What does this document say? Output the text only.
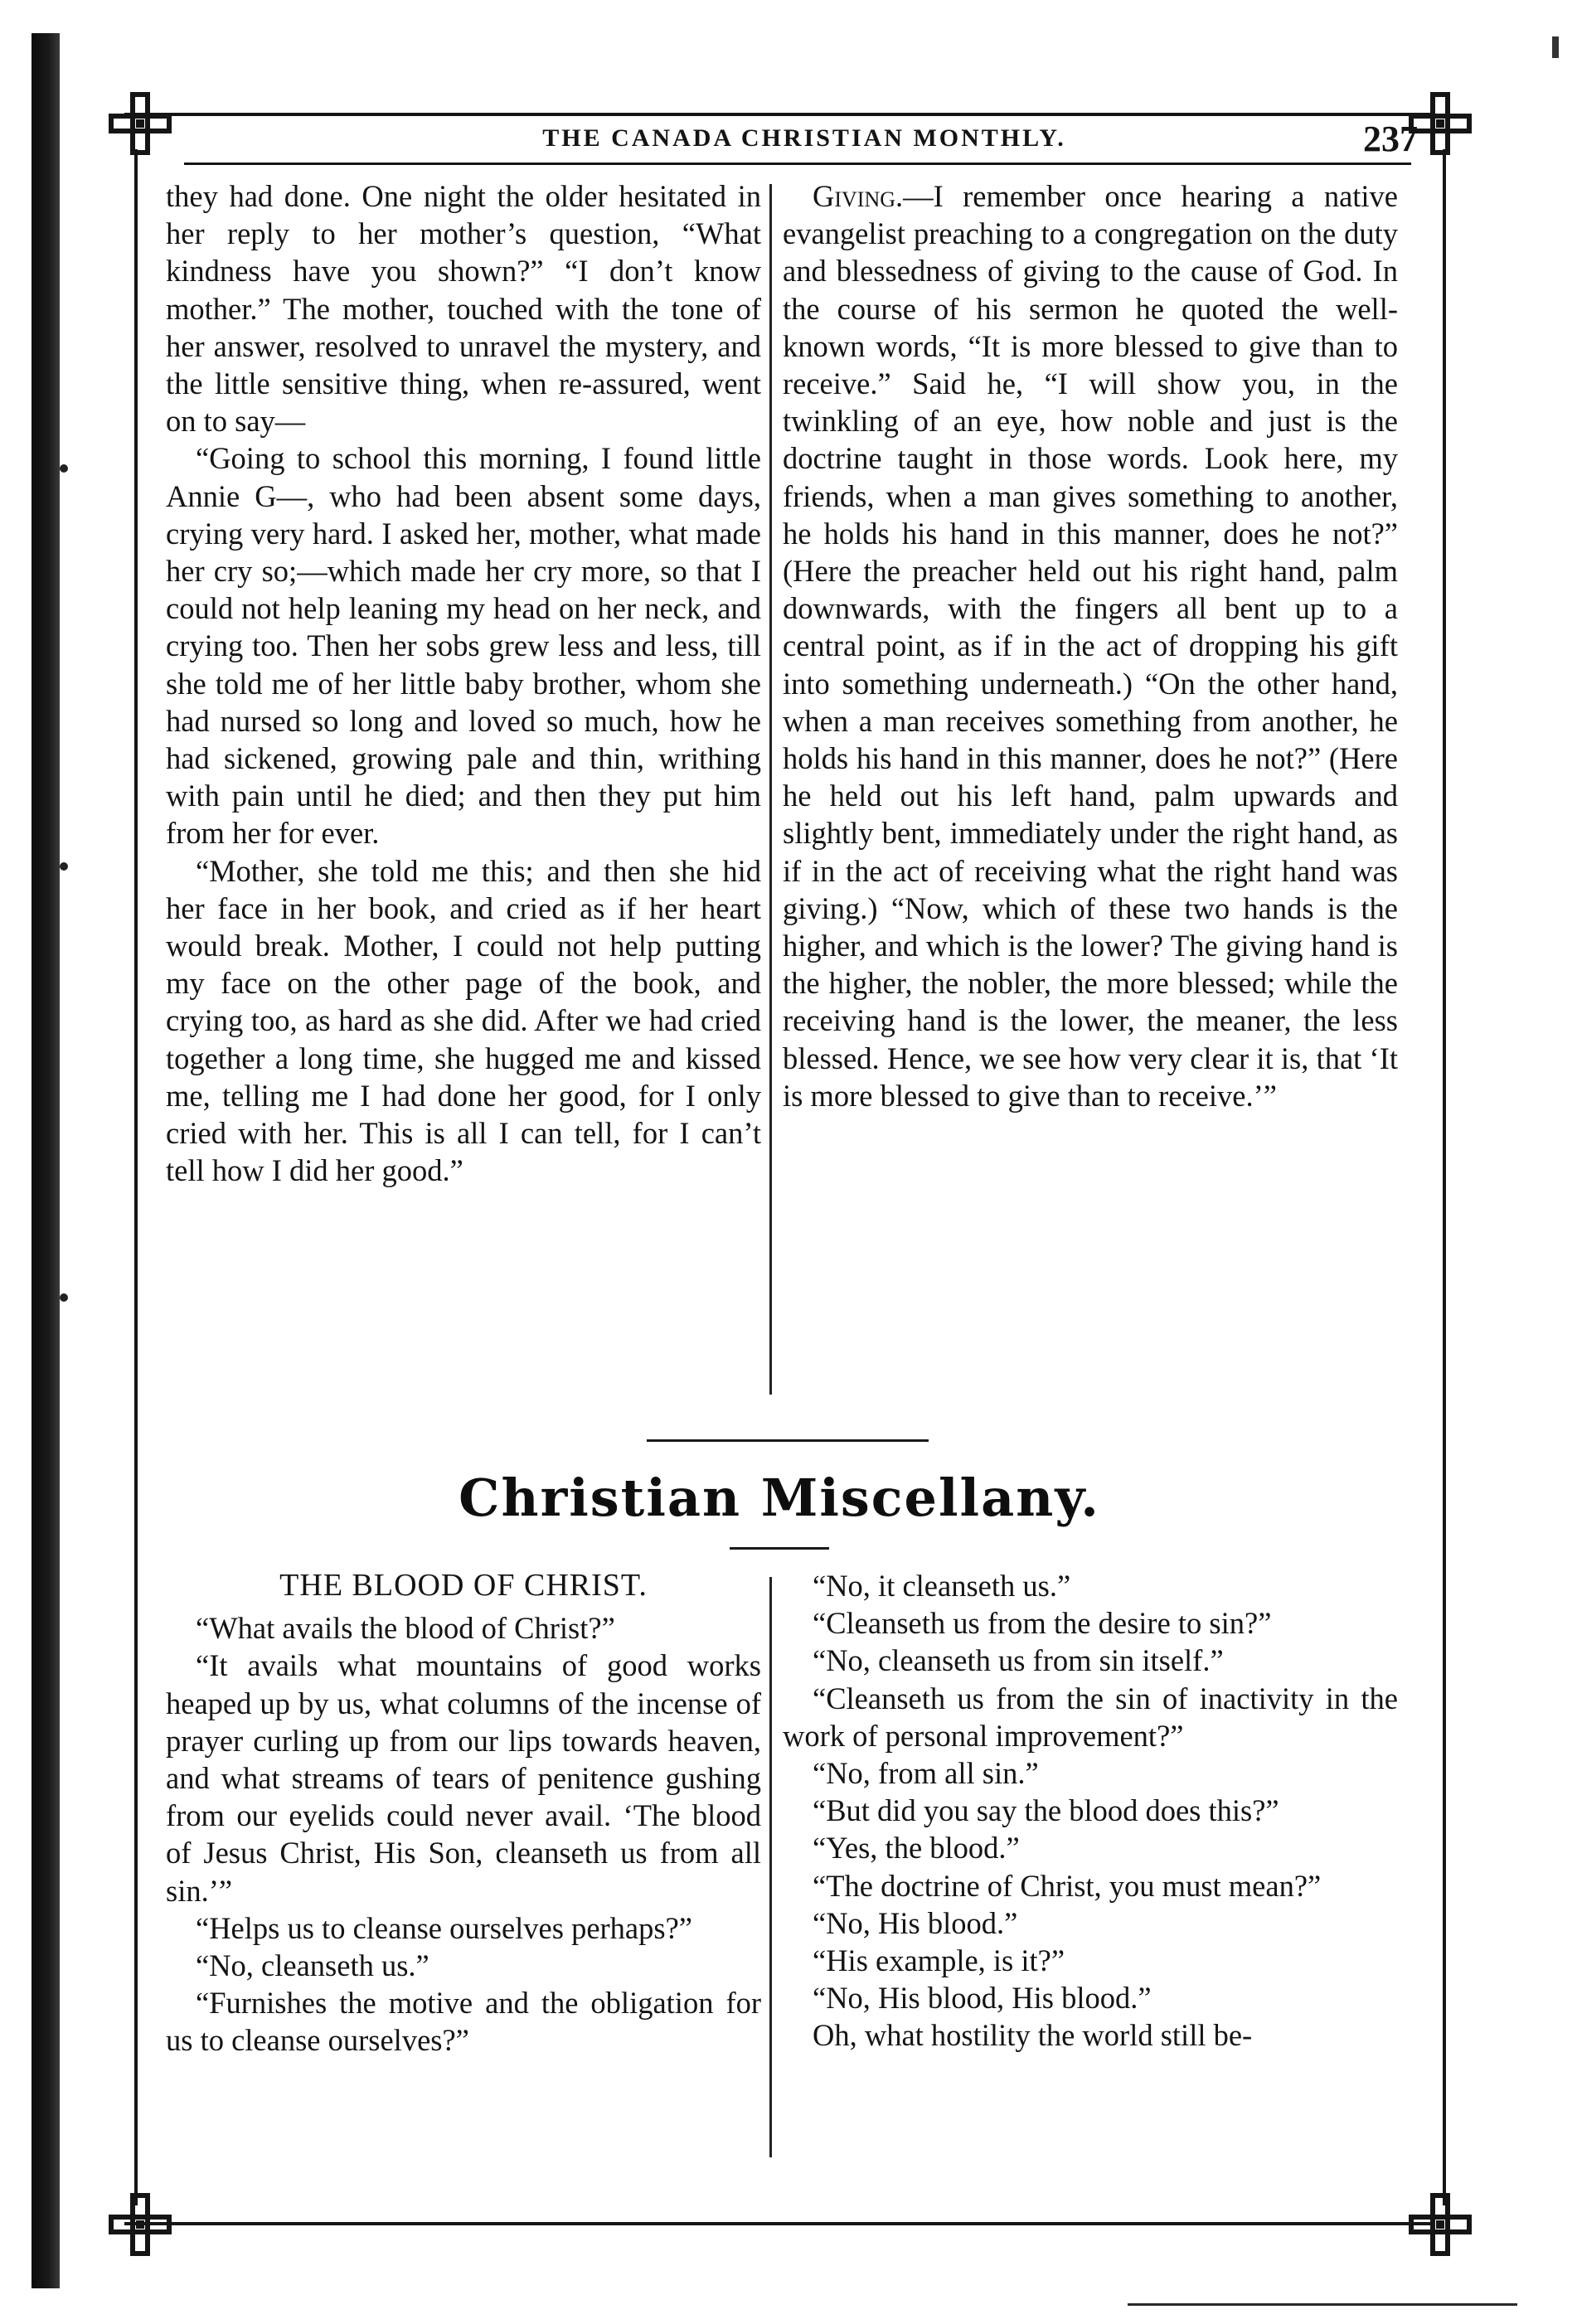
THE CANADA CHRISTIAN MONTHLY.	237

they had done. One night the older hesitated in her reply to her mother’s question, “What kindness have you shown?” “I don’t know mother.” The mother, touched with the tone of her answer, resolved to unravel the mystery, and the little sensitive thing, when re-assured, went on to say—

“Going to school this morning, I found little Annie G—, who had been absent some days, crying very hard. I asked her, mother, what made her cry so;—which made her cry more, so that I could not help leaning my head on her neck, and crying too. Then her sobs grew less and less, till she told me of her little baby brother, whom she had nursed so long and loved so much, how he had sickened, growing pale and thin, writhing with pain until he died; and then they put him from her for ever.

“Mother, she told me this; and then she hid her face in her book, and cried as if her heart would break. Mother, I could not help putting my face on the other page of the book, and crying too, as hard as she did. After we had cried together a long time, she hugged me and kissed me, telling me I had done her good, for I only cried with her. This is all I can tell, for I can’t tell how I did her good.”

Giving.—I remember once hearing a native evangelist preaching to a congregation on the duty and blessedness of giving to the cause of God. In the course of his sermon he quoted the well-known words, “It is more blessed to give than to receive.” Said he, “I will show you, in the twinkling of an eye, how noble and just is the doctrine taught in those words. Look here, my friends, when a man gives something to another, he holds his hand in this manner, does he not?” (Here the preacher held out his right hand, palm downwards, with the fingers all bent up to a central point, as if in the act of dropping his gift into something underneath.) “On the other hand, when a man receives something from another, he holds his hand in this manner, does he not?” (Here he held out his left hand, palm upwards and slightly bent, immediately under the right hand, as if in the act of receiving what the right hand was giving.) “Now, which of these two hands is the higher, and which is the lower? The giving hand is the higher, the nobler, the more blessed; while the receiving hand is the lower, the meaner, the less blessed. Hence, we see how very clear it is, that ‘It is more blessed to give than to receive.’”

Christian Miscellany.

THE BLOOD OF CHRIST.

“What avails the blood of Christ?”

“It avails what mountains of good works heaped up by us, what columns of the incense of prayer curling up from our lips towards heaven, and what streams of tears of penitence gushing from our eyelids could never avail. ‘The blood of Jesus Christ, His Son, cleanseth us from all sin.’”

“Helps us to cleanse ourselves perhaps?”

“No, cleanseth us.”

“Furnishes the motive and the obligation for us to cleanse ourselves?”

“No, it cleanseth us.”

“Cleanseth us from the desire to sin?”

“No, cleanseth us from sin itself.”

“Cleanseth us from the sin of inactivity in the work of personal improvement?”

“No, from all sin.”

“But did you say the blood does this?”

“Yes, the blood.”

“The doctrine of Christ, you must mean?”

“No, His blood.”

“His example, is it?”

“No, His blood, His blood.”

Oh, what hostility the world still be-
